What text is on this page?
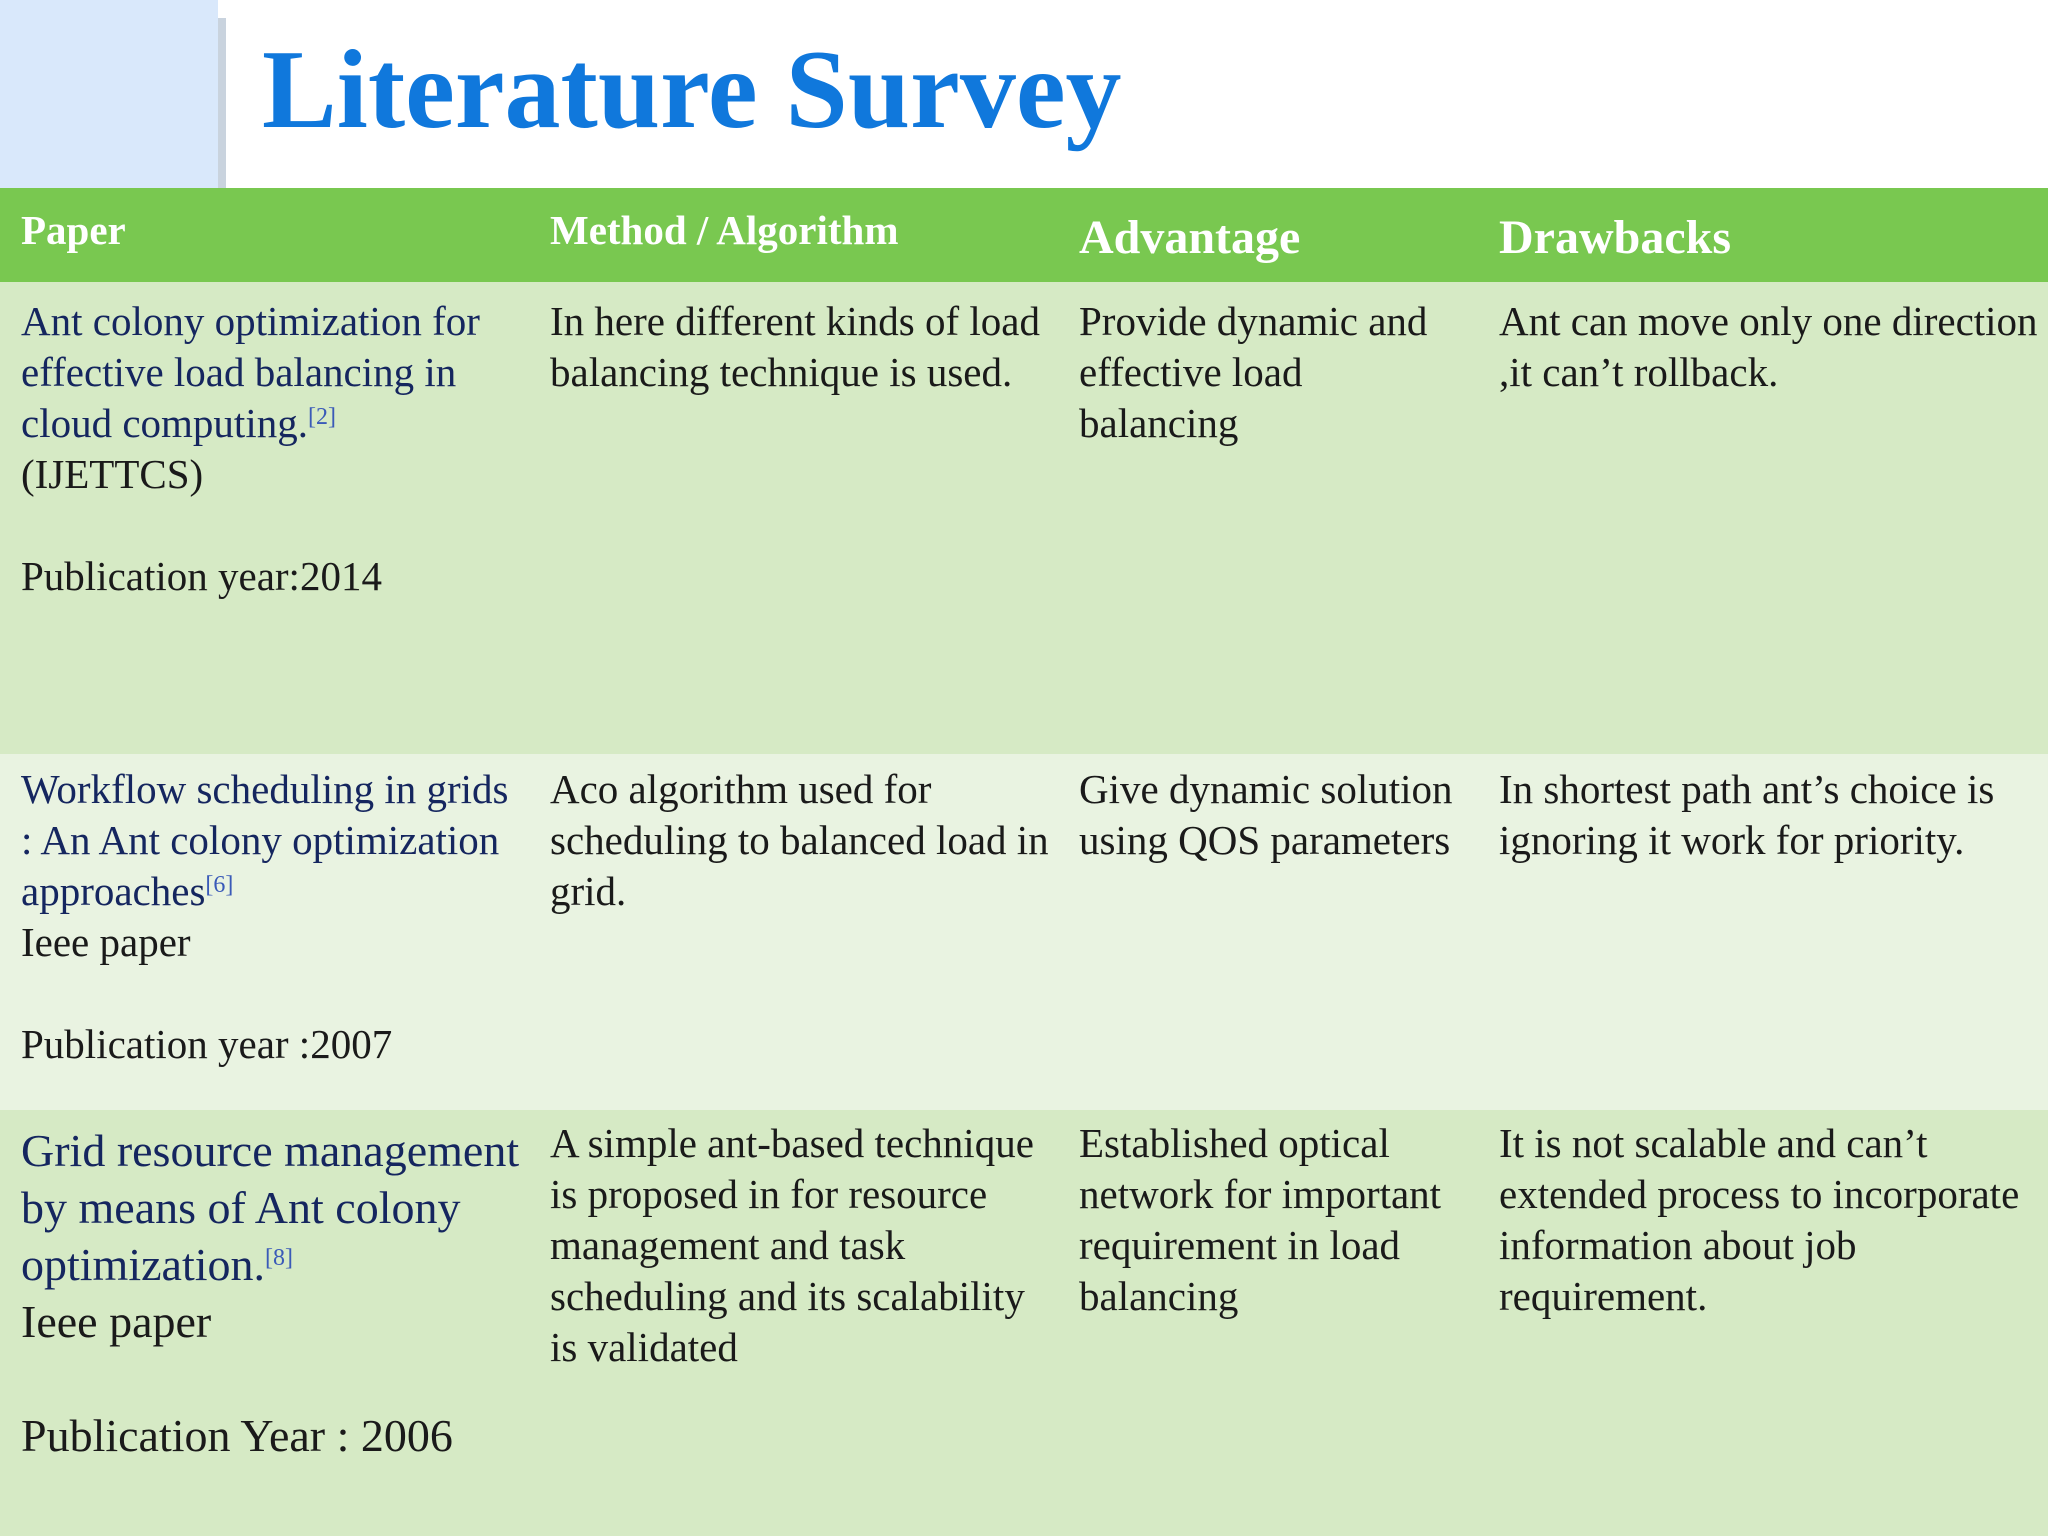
Literature Survey
Paper	Method / Algorithm	Advantage	Drawbacks
Ant colony optimization for effective load balancing in cloud computing.[2]
(IJETTCS)
Publication year:2014	In here different kinds of load balancing technique is used.	Provide dynamic and effective load balancing	Ant can move only one direction ,it can’t rollback.
Workflow scheduling in grids : An Ant colony optimization approaches[6]
Ieee paper
Publication year :2007	Aco algorithm used for scheduling to balanced load in grid.	Give dynamic solution using QOS parameters	In shortest path ant’s choice is ignoring it work for priority.
Grid resource management by means of Ant colony optimization.[8]
Ieee paper
Publication Year : 2006	A simple ant-based technique is proposed in for resource management and task scheduling and its scalability is validated	Established optical network for important requirement in load balancing	It is not scalable and can’t extended process to incorporate information about job requirement.
